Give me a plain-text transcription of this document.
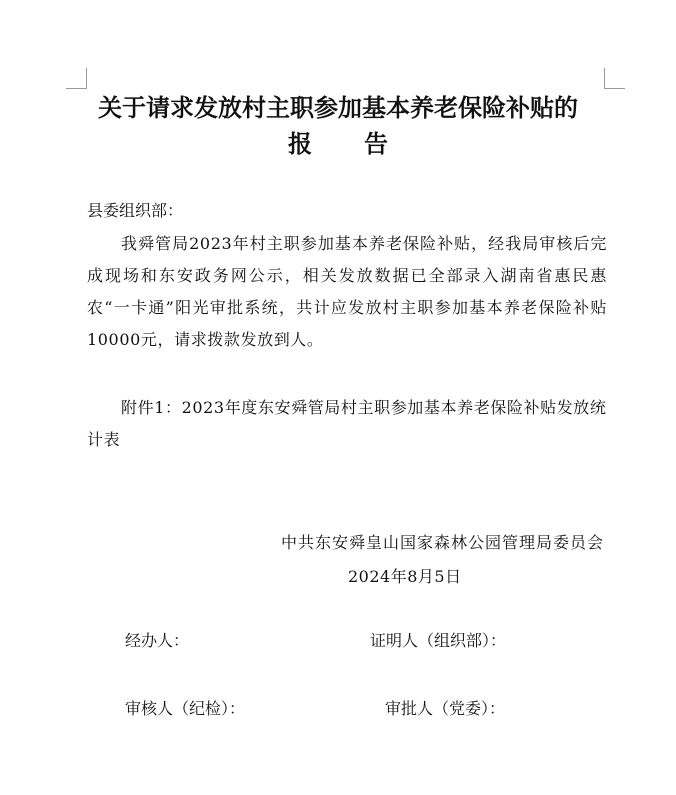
关于请求发放村主职参加基本养老保险补贴的
报 告

县委组织部：

我舜管局2023年村主职参加基本养老保险补贴，经我局审核后完成现场和东安政务网公示，相关发放数据已全部录入湖南省惠民惠农“一卡通”阳光审批系统，共计应发放村主职参加基本养老保险补贴10000元，请求拨款发放到人。

附件1：2023年度东安舜管局村主职参加基本养老保险补贴发放统计表

中共东安舜皇山国家森林公园管理局委员会

2024年8月5日

经办人：	证明人（组织部）：
审核人（纪检）：	审批人（党委）：
